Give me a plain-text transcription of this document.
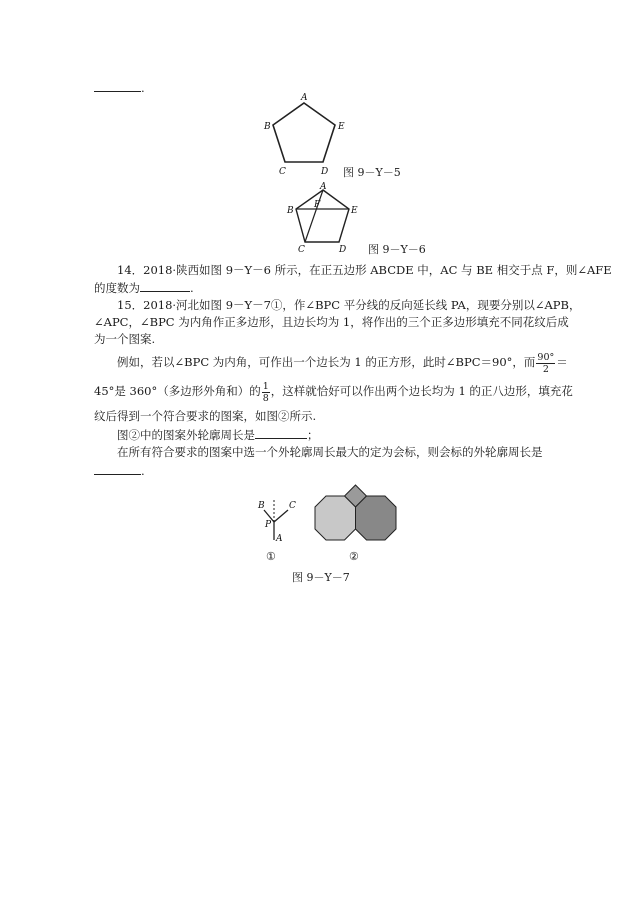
.
A
B	E
C	D 图 9－Y－5
A
B	E
F
C	D 图 9－Y－6
14．2018·陕西如图 9－Y－6 所示，在正五边形 ABCDE 中，AC 与 BE 相交于点 F，则∠AFE
的度数为	.
15．2018·河北如图 9－Y－7①，作∠BPC 平分线的反向延长线 PA，现要分别以∠APB，
∠APC，∠BPC 为内角作正多边形，且边长均为 1，将作出的三个正多边形填充不同花纹后成
为一个图案.
例如，若以∠BPC 为内角，可作出一个边长为 1 的正方形，此时∠BPC＝90°，而 $\frac{90^\circ}{2}$ ＝
45°是 360°（多边形外角和）的 $\frac{1}{8}$ ，这样就恰好可以作出两个边长均为 1 的正八边形，填充花
纹后得到一个符合要求的图案，如图②所示.
图②中的图案外轮廓周长是	；
在所有符合要求的图案中选一个外轮廓周长最大的定为会标，则会标的外轮廓周长是
.
B	C
P
A
①	②
图 9－Y－7
